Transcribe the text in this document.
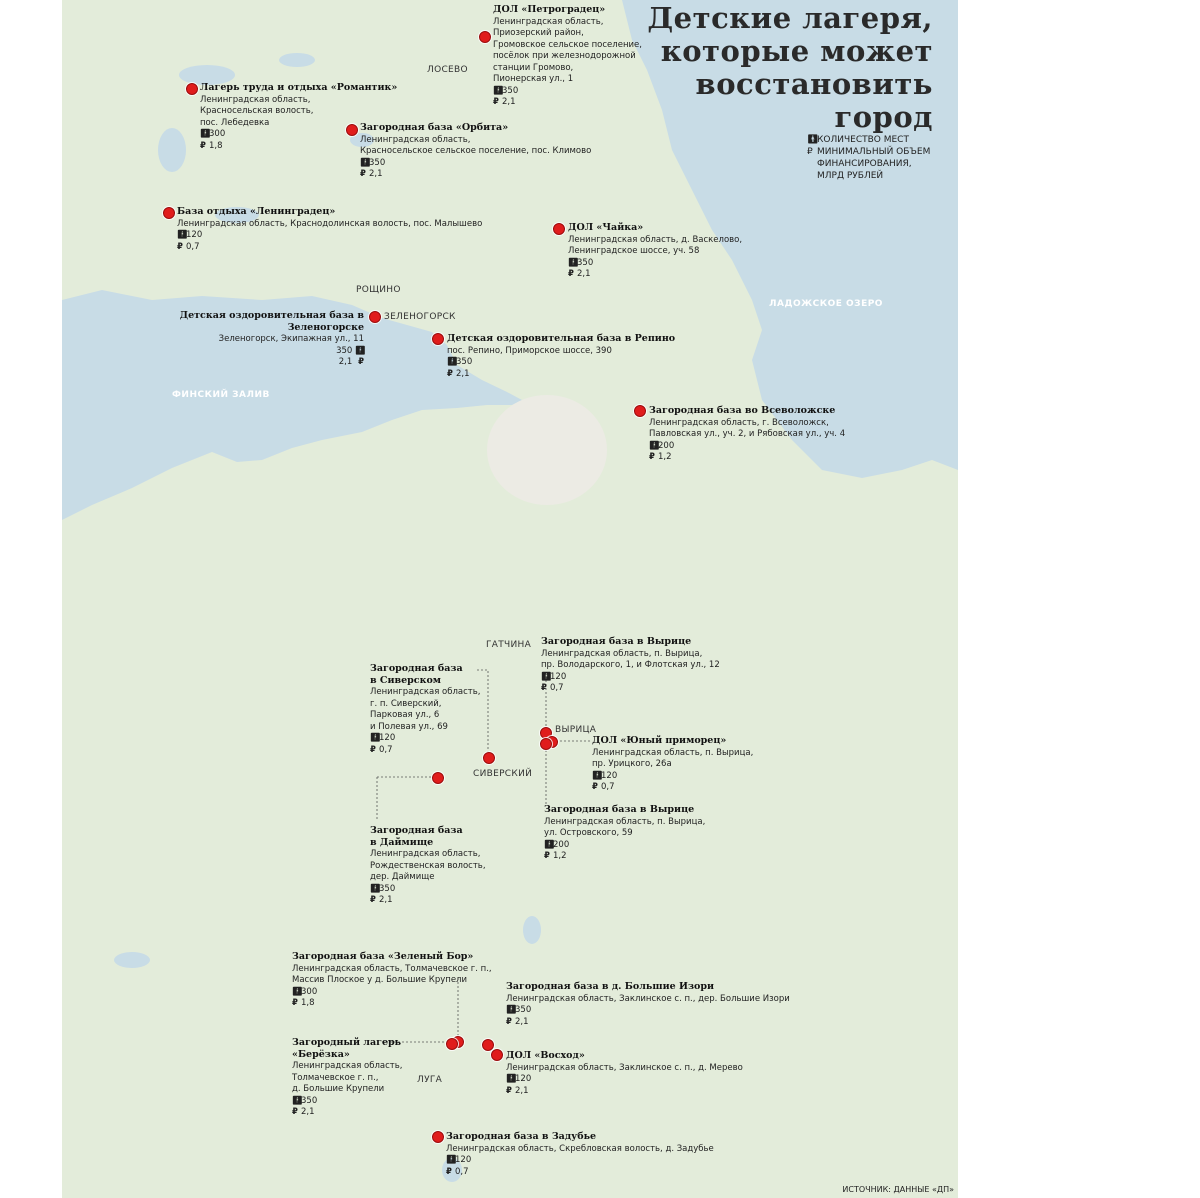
Детские лагеря,
которые может
восстановить
город
🚹︎
КОЛИЧЕСТВО МЕСТ
₽ МИНИМАЛЬНЫЙ ОБЪЕМ
ФИНАНСИРОВАНИЯ,
МЛРД РУБЛЕЙ
ЛОСЕВО
РОЩИНО
ЗЕЛЕНОГОРСК
ГАТЧИНА
ВЫРИЦА
СИВЕРСКИЙ
ЛУГА
ЛАДОЖСКОЕ ОЗЕРО
ФИНСКИЙ ЗАЛИВ
ДОЛ «Петроградец»
Ленинградская область,
Приозерский район,
Громовское сельское поселение,
посёлок при железнодорожной
станции Громово,
Пионерская ул., 1
🚹︎350
₽ 2,1
Лагерь труда и отдыха «Романтик»
Ленинградская область,
Красносельская волость,
пос. Лебедевка
🚹︎300
₽ 1,8
Загородная база «Орбита»
Ленинградская область,
Красносельское сельское поселение, пос. Климово
🚹︎350
₽ 2,1
База отдыха «Ленинградец»
Ленинградская область, Краснодолинская волость, пос. Малышево
🚹︎120
₽ 0,7
ДОЛ «Чайка»
Ленинградская область, д. Васкелово,
Ленинградское шоссе, уч. 58
🚹︎350
₽ 2,1
Детская оздоровительная база в Зеленогорске
Зеленогорск, Экипажная ул., 11
350 🚹︎
2,1 ₽
Детская оздоровительная база в Репино
пос. Репино, Приморское шоссе, 390
🚹︎350
₽ 2,1
Загородная база во Всеволожске
Ленинградская область, г. Всеволожск,
Павловская ул., уч. 2, и Рябовская ул., уч. 4
🚹︎200
₽ 1,2
Загородная база в Вырице
Ленинградская область, п. Вырица,
пр. Володарского, 1, и Флотская ул., 12
🚹︎120
₽ 0,7
Загородная база
в Сиверском
Ленинградская область,
г. п. Сиверский,
Парковая ул., 6
и Полевая ул., 69
🚹︎120
₽ 0,7
ДОЛ «Юный приморец»
Ленинградская область, п. Вырица,
пр. Урицкого, 26а
🚹︎120
₽ 0,7
Загородная база в Вырице
Ленинградская область, п. Вырица,
ул. Островского, 59
🚹︎200
₽ 1,2
Загородная база
в Даймище
Ленинградская область,
Рождественская волость,
дер. Даймище
🚹︎350
₽ 2,1
Загородная база «Зеленый Бор»
Ленинградская область, Толмачевское г. п.,
Массив Плоское у д. Большие Крупели
🚹︎300
₽ 1,8
Загородная база в д. Большие Изори
Ленинградская область, Заклинское с. п., дер. Большие Изори
🚹︎350
₽ 2,1
Загородный лагерь
«Берёзка»
Ленинградская область,
Толмачевское г. п.,
д. Большие Крупели
🚹︎350
₽ 2,1
ДОЛ «Восход»
Ленинградская область, Заклинское с. п., д. Мерево
🚹︎120
₽ 2,1
Загородная база в Задубье
Ленинградская область, Скребловская волость, д. Задубье
🚹︎120
₽ 0,7
ИСТОЧНИК: ДАННЫЕ «ДП»
